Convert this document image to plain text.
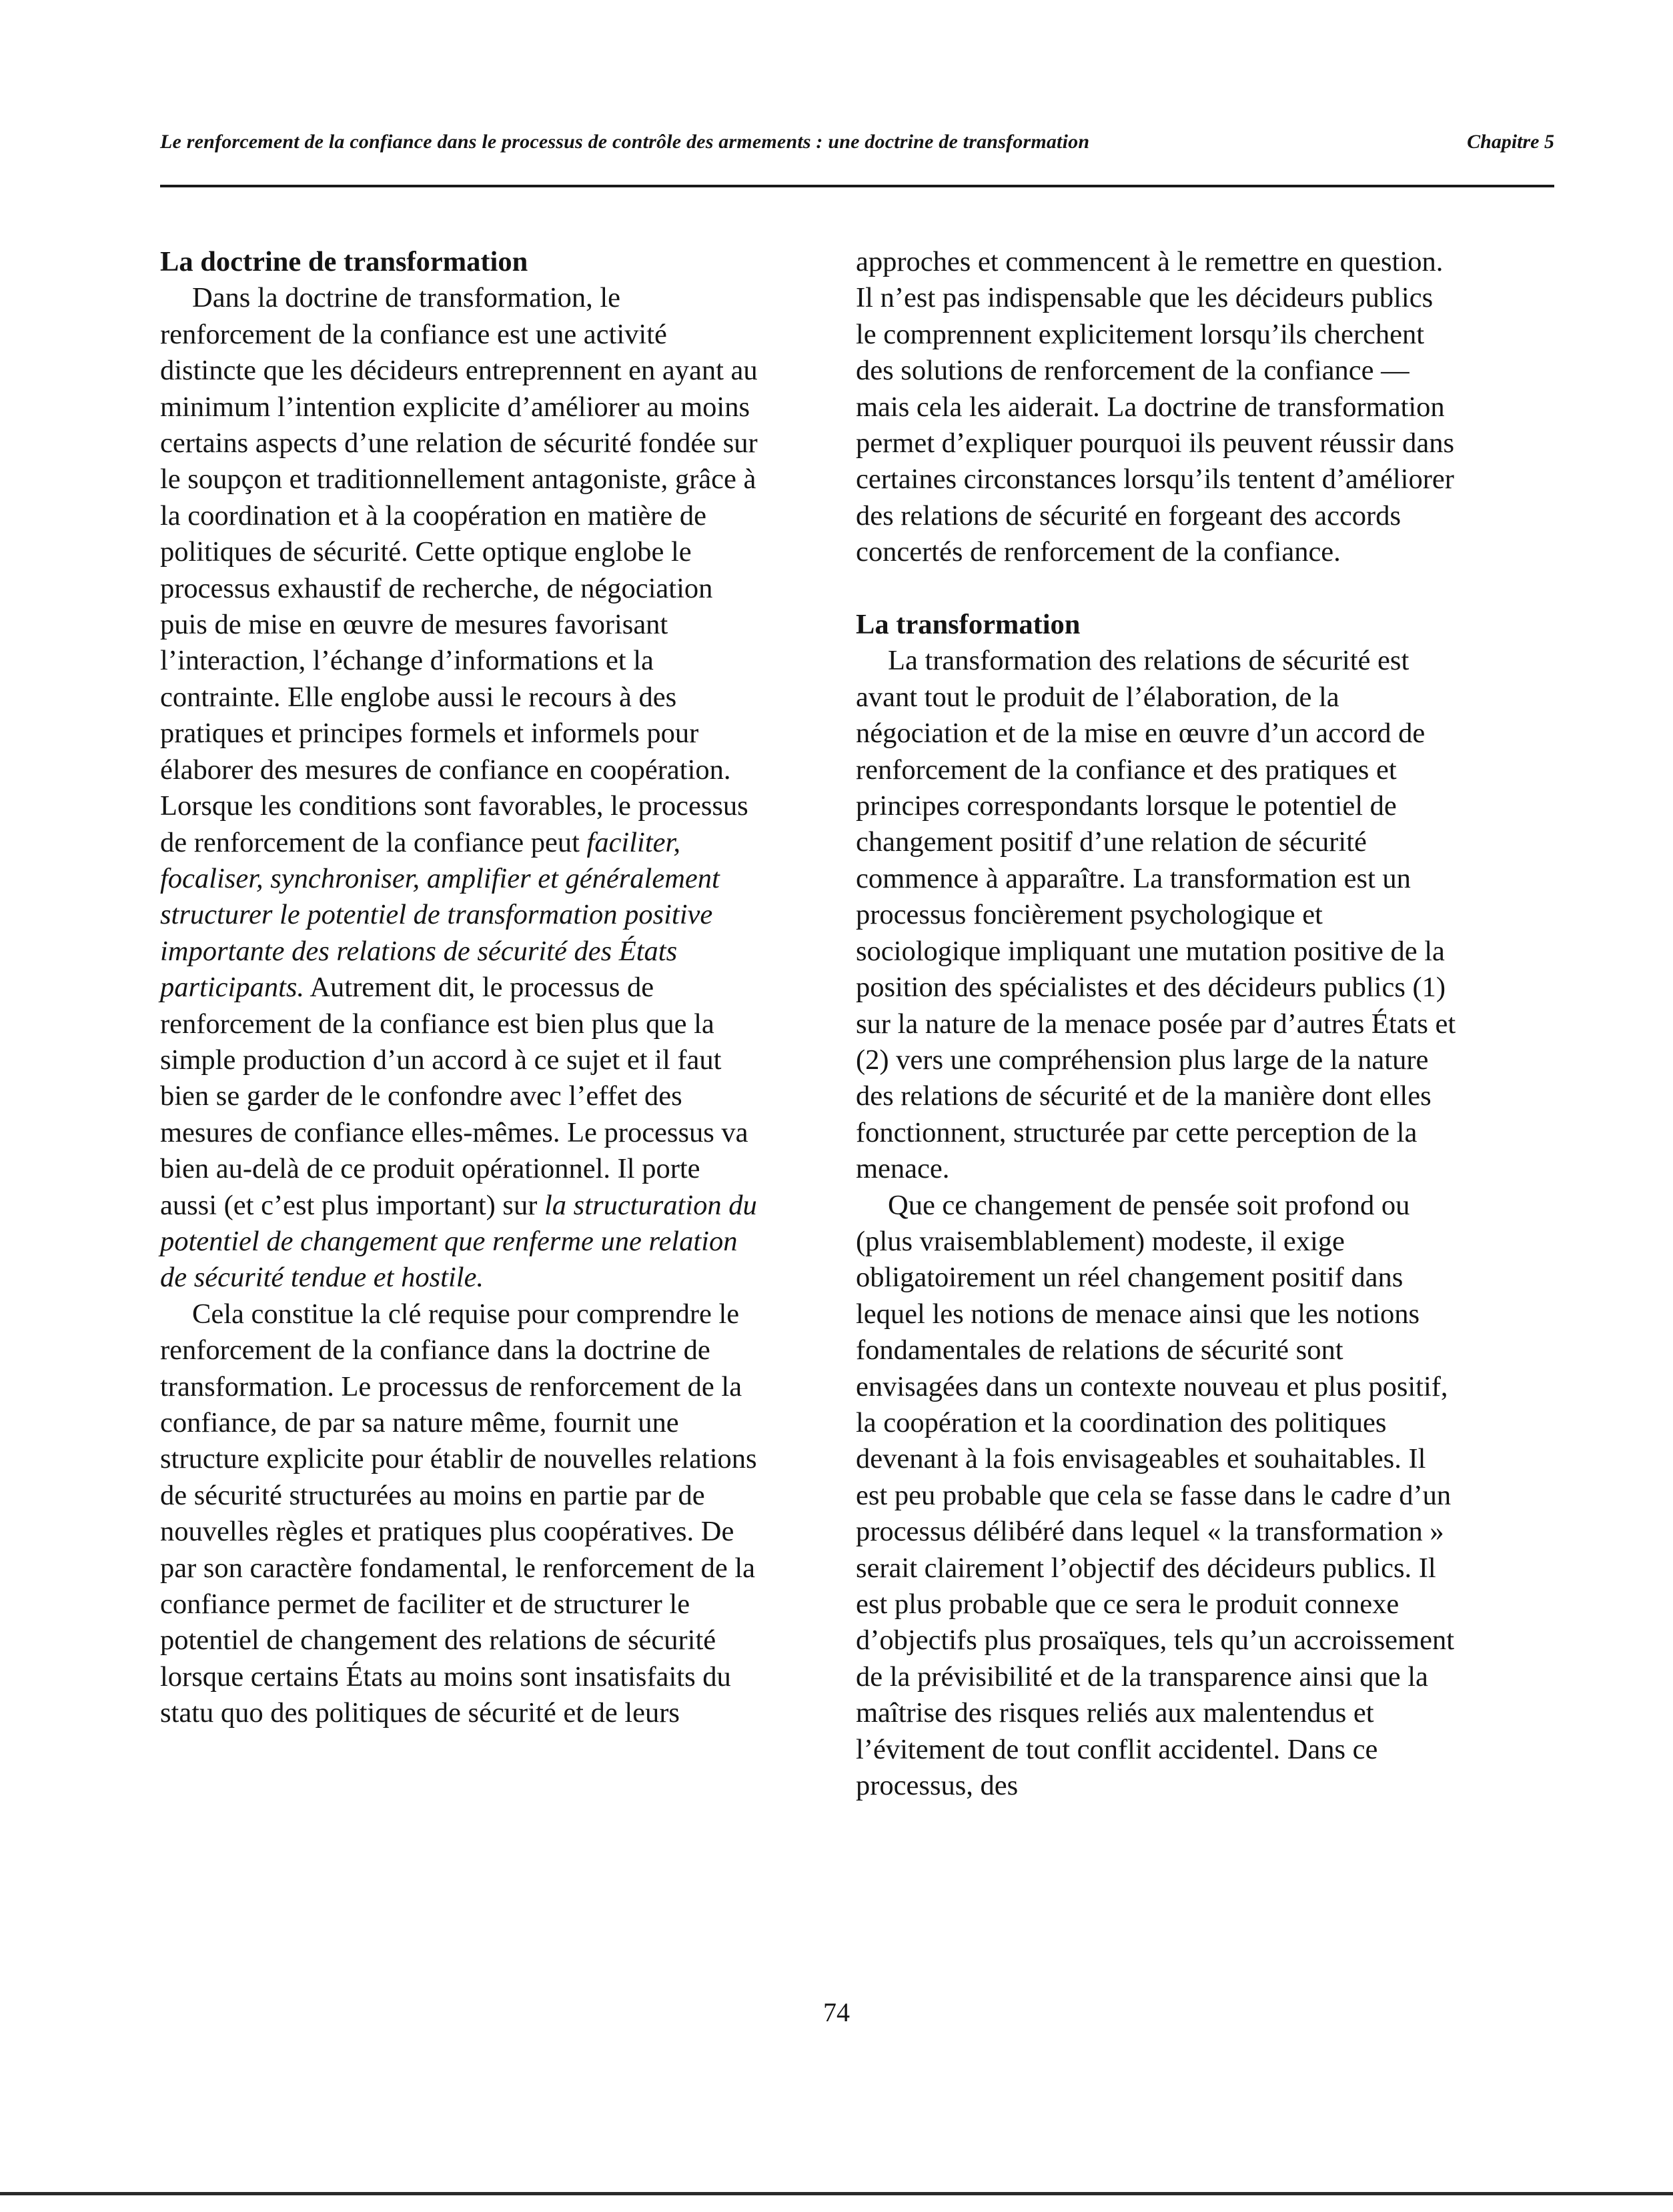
Le renforcement de la confiance dans le processus de contrôle des armements : une doctrine de transformation	Chapitre 5
La doctrine de transformation

Dans la doctrine de transformation, le renforcement de la confiance est une activité distincte que les décideurs entreprennent en ayant au minimum l’intention explicite d’améliorer au moins certains aspects d’une relation de sécurité fondée sur le soupçon et traditionnellement antagoniste, grâce à la coordination et à la coopération en matière de politiques de sécurité. Cette optique englobe le processus exhaustif de recherche, de négociation puis de mise en œuvre de mesures favorisant l’interaction, l’échange d’informations et la contrainte. Elle englobe aussi le recours à des pratiques et principes formels et informels pour élaborer des mesures de confiance en coopération. Lorsque les conditions sont favorables, le processus de renforcement de la confiance peut faciliter, focaliser, synchroniser, amplifier et généralement structurer le potentiel de transformation positive importante des relations de sécurité des États participants. Autrement dit, le processus de renforcement de la confiance est bien plus que la simple production d’un accord à ce sujet et il faut bien se garder de le confondre avec l’effet des mesures de confiance elles-mêmes. Le processus va bien au-delà de ce produit opérationnel. Il porte aussi (et c’est plus important) sur la structuration du potentiel de changement que renferme une relation de sécurité tendue et hostile.

Cela constitue la clé requise pour comprendre le renforcement de la confiance dans la doctrine de transformation. Le processus de renforcement de la confiance, de par sa nature même, fournit une structure explicite pour établir de nouvelles relations de sécurité structurées au moins en partie par de nouvelles règles et pratiques plus coopératives. De par son caractère fondamental, le renforcement de la confiance permet de faciliter et de structurer le potentiel de changement des relations de sécurité lorsque certains États au moins sont insatisfaits du statu quo des politiques de sécurité et de leurs

approches et commencent à le remettre en question. Il n’est pas indispensable que les décideurs publics le comprennent explicitement lorsqu’ils cherchent des solutions de renforcement de la confiance — mais cela les aiderait. La doctrine de transformation permet d’expliquer pourquoi ils peuvent réussir dans certaines circonstances lorsqu’ils tentent d’améliorer des relations de sécurité en forgeant des accords concertés de renforcement de la confiance.

La transformation

La transformation des relations de sécurité est avant tout le produit de l’élaboration, de la négociation et de la mise en œuvre d’un accord de renforcement de la confiance et des pratiques et principes correspondants lorsque le potentiel de changement positif d’une relation de sécurité commence à apparaître. La transformation est un processus foncièrement psychologique et sociologique impliquant une mutation positive de la position des spécialistes et des décideurs publics (1) sur la nature de la menace posée par d’autres États et (2) vers une compréhension plus large de la nature des relations de sécurité et de la manière dont elles fonctionnent, structurée par cette perception de la menace.

Que ce changement de pensée soit profond ou (plus vraisemblablement) modeste, il exige obligatoirement un réel changement positif dans lequel les notions de menace ainsi que les notions fondamentales de relations de sécurité sont envisagées dans un contexte nouveau et plus positif, la coopération et la coordination des politiques devenant à la fois envisageables et souhaitables. Il est peu probable que cela se fasse dans le cadre d’un processus délibéré dans lequel « la transformation » serait clairement l’objectif des décideurs publics. Il est plus probable que ce sera le produit connexe d’objectifs plus prosaïques, tels qu’un accroissement de la prévisibilité et de la transparence ainsi que la maîtrise des risques reliés aux malentendus et l’évitement de tout conflit accidentel. Dans ce processus, des

74
